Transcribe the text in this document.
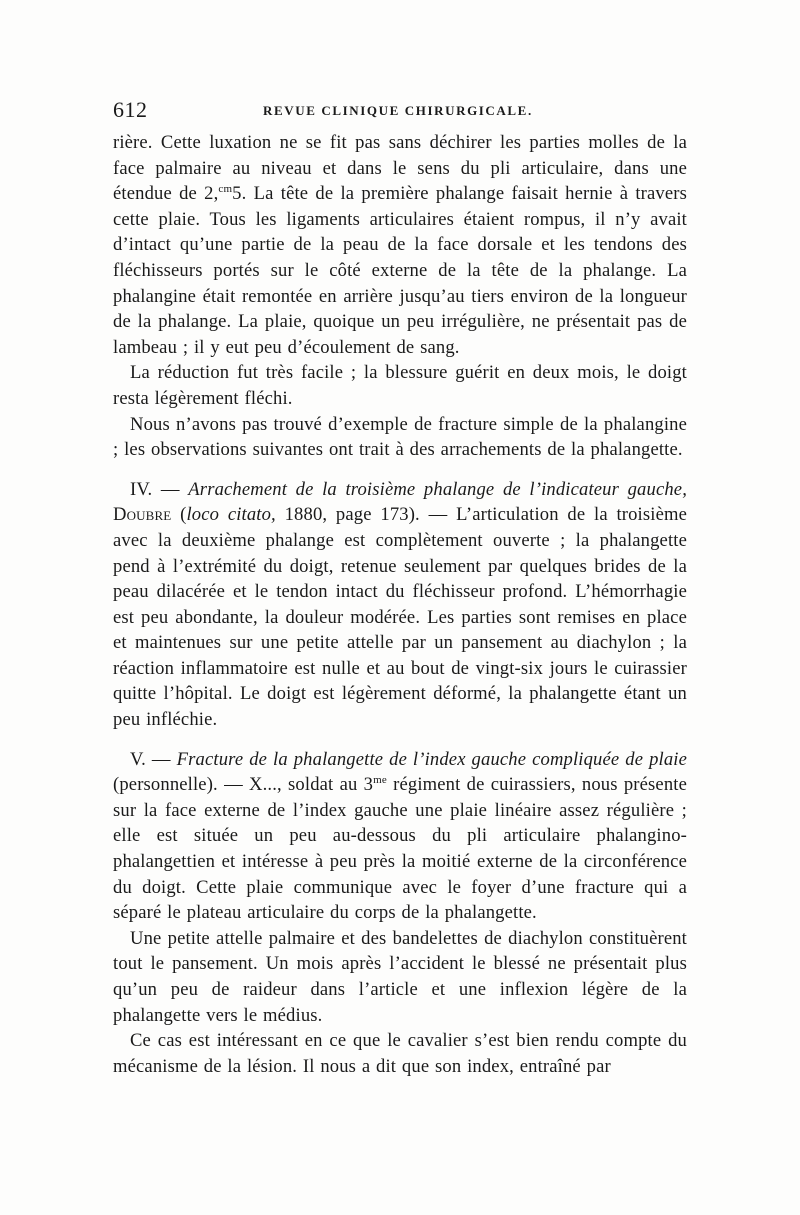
612	REVUE CLINIQUE CHIRURGICALE.

rière. Cette luxation ne se fit pas sans déchirer les parties molles de la face palmaire au niveau et dans le sens du pli articulaire, dans une étendue de 2,$^{cm}$5. La tête de la première phalange faisait hernie à travers cette plaie. Tous les ligaments articulaires étaient rompus, il n’y avait d’intact qu’une partie de la peau de la face dorsale et les tendons des fléchisseurs portés sur le côté externe de la tête de la phalange. La phalangine était remontée en arrière jusqu’au tiers environ de la longueur de la phalange. La plaie, quoique un peu irrégulière, ne présentait pas de lambeau ; il y eut peu d’écoulement de sang.

La réduction fut très facile ; la blessure guérit en deux mois, le doigt resta légèrement fléchi.

Nous n’avons pas trouvé d’exemple de fracture simple de la phalangine ; les observations suivantes ont trait à des arrachements de la phalangette.

IV. — Arrachement de la troisième phalange de l’indicateur gauche, Doubre (loco citato, 1880, page 173). — L’articulation de la troisième avec la deuxième phalange est complètement ouverte ; la phalangette pend à l’extrémité du doigt, retenue seulement par quelques brides de la peau dilacérée et le tendon intact du fléchisseur profond. L’hémorrhagie est peu abondante, la douleur modérée. Les parties sont remises en place et maintenues sur une petite attelle par un pansement au diachylon ; la réaction inflammatoire est nulle et au bout de vingt-six jours le cuirassier quitte l’hôpital. Le doigt est légèrement déformé, la phalangette étant un peu infléchie.

V. — Fracture de la phalangette de l’index gauche compliquée de plaie (personnelle). — X..., soldat au $3^{me}$ régiment de cuirassiers, nous présente sur la face externe de l’index gauche une plaie linéaire assez régulière ; elle est située un peu au-dessous du pli articulaire phalangino-phalangettien et intéresse à peu près la moitié externe de la circonférence du doigt. Cette plaie communique avec le foyer d’une fracture qui a séparé le plateau articulaire du corps de la phalangette.

Une petite attelle palmaire et des bandelettes de diachylon constituèrent tout le pansement. Un mois après l’accident le blessé ne présentait plus qu’un peu de raideur dans l’article et une inflexion légère de la phalangette vers le médius.

Ce cas est intéressant en ce que le cavalier s’est bien rendu compte du mécanisme de la lésion. Il nous a dit que son index, entraîné par
